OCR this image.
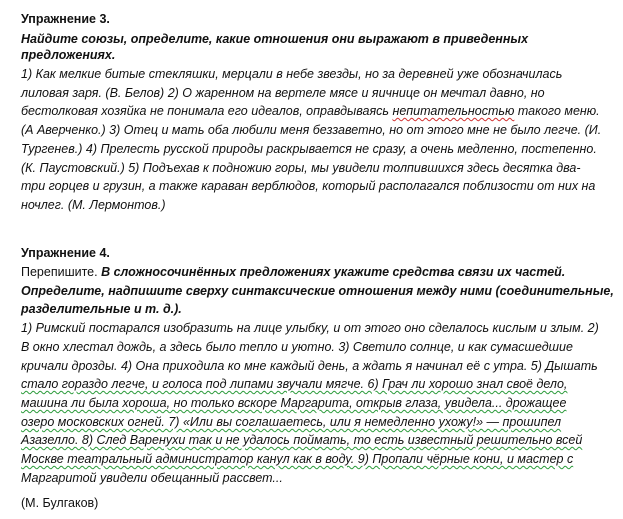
Упражнение 3.
Найдите союзы, определите, какие отношения они выражают в приведенных
предложениях.
1) Как мелкие битые стекляшки, мерцали в небе звезды, но за деревней уже обозначилась
лиловая заря. (В. Белов) 2) О жаренном на вертеле мясе и яичнице он мечтал давно, но
бестолковая хозяйка не понимала его идеалов, оправдываясь непитательностью такого меню.
(А Аверченко.) 3) Отец и мать оба любили меня беззаветно, но от этого мне не было легче. (И.
Тургенев.) 4) Прелесть русской природы раскрывается не сразу, а очень медленно, постепенно.
(К. Паустовский.) 5) Подъехав к подножию горы, мы увидели толпившихся здесь десятка два-
три горцев и грузин, а также караван верблюдов, который располагался поблизости от них на
ночлег. (М. Лермонтов.)
Упражнение 4.
Перепишите. В сложносочинённых предложениях укажите средства связи их частей.
Определите, надпишите сверху синтаксические отношения между ними (соединительные,
разделительные и т. д.).
1) Римский постарался изобразить на лице улыбку, и от этого оно сделалось кислым и злым. 2)
В окно хлестал дождь, а здесь было тепло и уютно. 3) Светило солнце, и как сумасшедшие
кричали дрозды. 4) Она приходила ко мне каждый день, а ждать я начинал её с утра. 5) Дышать
стало гораздо легче, и голоса под липами звучали мягче. 6) Грач ли хорошо знал своё дело,
машина ли была хороша, но только вскоре Маргарита, открыв глаза, увидела... дрожащее
озеро московских огней. 7) «Или вы соглашаетесь, или я немедленно ухожу!» — прошипел
Азазелло. 8) След Варенухи так и не удалось поймать, то есть известный решительно всей
Москве театральный администратор канул как в воду. 9) Пропали чёрные кони, и мастер с
Маргаритой увидели обещанный рассвет...
(М. Булгаков)
